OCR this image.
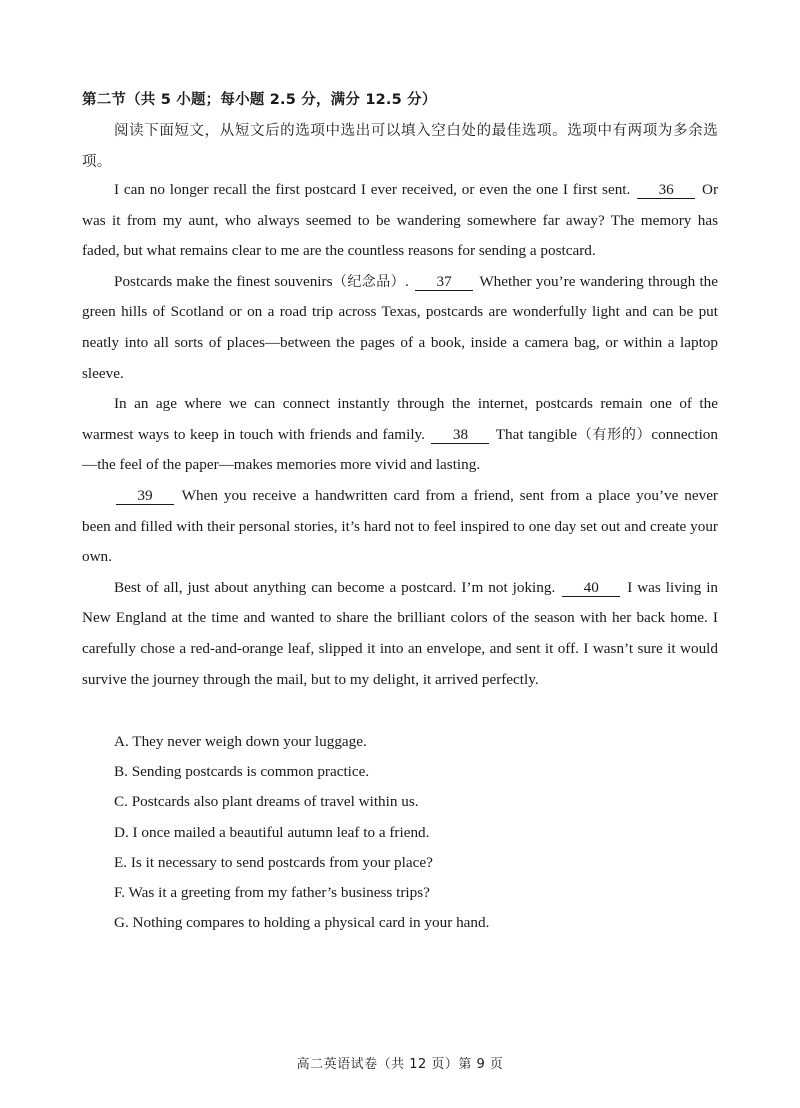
第二节（共 5 小题；每小题 2.5 分，满分 12.5 分）
阅读下面短文，从短文后的选项中选出可以填入空白处的最佳选项。选项中有两项为多余选项。

I can no longer recall the first postcard I ever received, or even the one I first sent. 36 Or was it from my aunt, who always seemed to be wandering somewhere far away? The memory has faded, but what remains clear to me are the countless reasons for sending a postcard.

Postcards make the finest souvenirs（纪念品）. 37 Whether you’re wandering through the green hills of Scotland or on a road trip across Texas, postcards are wonderfully light and can be put neatly into all sorts of places—between the pages of a book, inside a camera bag, or within a laptop sleeve.

In an age where we can connect instantly through the internet, postcards remain one of the warmest ways to keep in touch with friends and family. 38 That tangible（有形的）connection—the feel of the paper—makes memories more vivid and lasting.

39 When you receive a handwritten card from a friend, sent from a place you’ve never been and filled with their personal stories, it’s hard not to feel inspired to one day set out and create your own.

Best of all, just about anything can become a postcard. I’m not joking. 40 I was living in New England at the time and wanted to share the brilliant colors of the season with her back home. I carefully chose a red-and-orange leaf, slipped it into an envelope, and sent it off. I wasn’t sure it would survive the journey through the mail, but to my delight, it arrived perfectly.

A. They never weigh down your luggage.
B. Sending postcards is common practice.
C. Postcards also plant dreams of travel within us.
D. I once mailed a beautiful autumn leaf to a friend.
E. Is it necessary to send postcards from your place?
F. Was it a greeting from my father’s business trips?
G. Nothing compares to holding a physical card in your hand.
高二英语试卷（共 12 页）第 9 页
